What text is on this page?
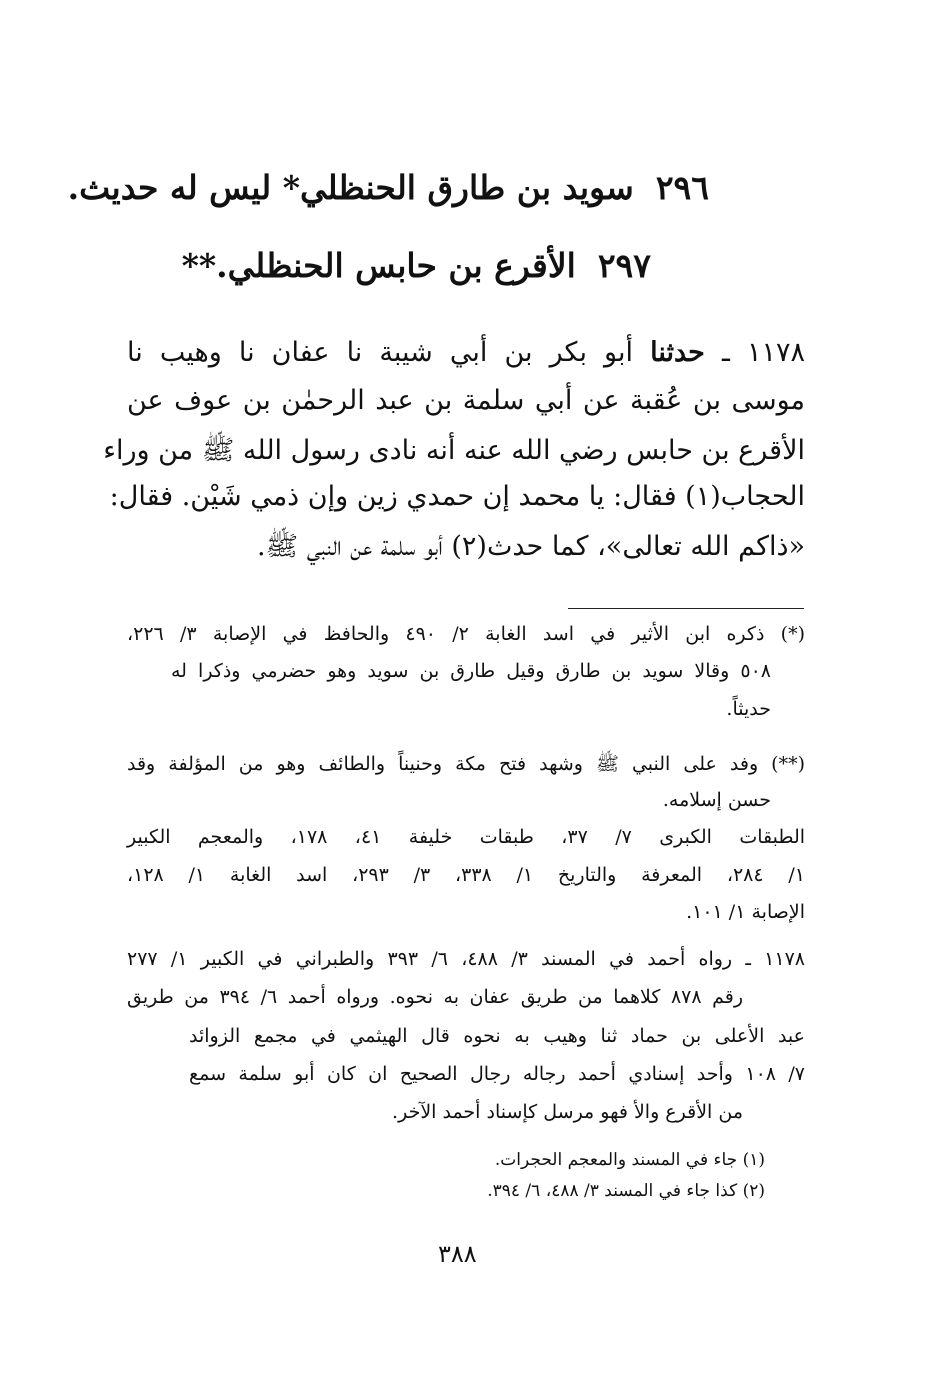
٢٩٦سويد بن طارق الحنظلي* ليس له حديث.
٢٩٧الأقرع بن حابس الحنظلي.**
١١٧٨ ـ حدثنا أبو بكر بن أبي شيبة نا عفان نا وهيب نا
موسى بن عُقبة عن أبي سلمة بن عبد الرحمٰن بن عوف عن
الأقرع بن حابس رضي الله عنه أنه نادى رسول الله ﷺ من وراء
الحجاب(١) فقال: يا محمد إن حمدي زين وإن ذمي شَيْن. فقال:
«ذاكم الله تعالى»، كما حدث(٢) أبو سلمة عن النبي ﷺ.
(*) ذكره ابن الأثير في اسد الغابة ٢/ ٤٩٠ والحافظ في الإصابة ٣/ ٢٢٦،
٥٠٨ وقالا سويد بن طارق وقيل طارق بن سويد وهو حضرمي وذكرا له
حديثاً.
(**) وفد على النبي ﷺ وشهد فتح مكة وحنيناً والطائف وهو من المؤلفة وقد
حسن إسلامه.
الطبقات الكبرى ٧/ ٣٧، طبقات خليفة ٤١، ١٧٨، والمعجم الكبير
١/ ٢٨٤، المعرفة والتاريخ ١/ ٣٣٨، ٣/ ٢٩٣، اسد الغابة ١/ ١٢٨،
الإصابة ١/ ١٠١.
١١٧٨ ـ رواه أحمد في المسند ٣/ ٤٨٨، ٦/ ٣٩٣ والطبراني في الكبير ١/ ٢٧٧
رقم ٨٧٨ كلاهما من طريق عفان به نحوه. ورواه أحمد ٦/ ٣٩٤ من طريق
عبد الأعلى بن حماد ثنا وهيب به نحوه قال الهيثمي في مجمع الزوائد
٧/ ١٠٨ وأحد إسنادي أحمد رجاله رجال الصحيح ان كان أبو سلمة سمع
من الأقرع والأ فهو مرسل كإسناد أحمد الآخر.
(١) جاء في المسند والمعجم الحجرات.
(٢) كذا جاء في المسند ٣/ ٤٨٨، ٦/ ٣٩٤.
٣٨٨
